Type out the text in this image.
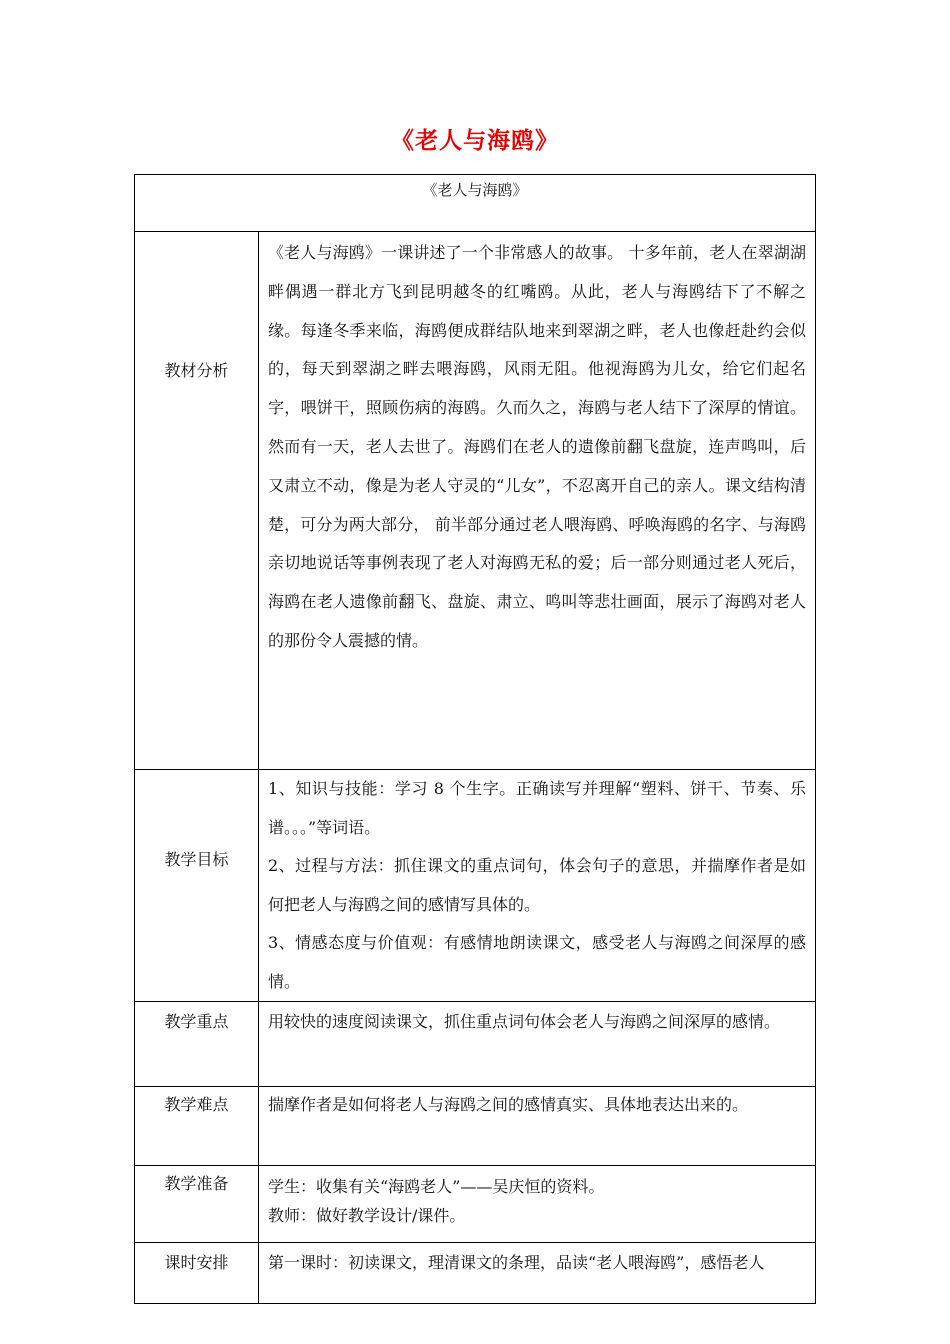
《老人与海鸥》
《老人与海鸥》	
教材分析	《老人与海鸥》一课讲述了一个非常感人的故事。 十多年前，老人在翠湖湖畔偶遇一群北方飞到昆明越冬的红嘴鸥。从此，老人与海鸥结下了不解之缘。每逢冬季来临，海鸥便成群结队地来到翠湖之畔，老人也像赶赴约会似的，每天到翠湖之畔去喂海鸥，风雨无阻。他视海鸥为儿女，给它们起名字，喂饼干，照顾伤病的海鸥。久而久之，海鸥与老人结下了深厚的情谊。然而有一天，老人去世了。海鸥们在老人的遗像前翻飞盘旋，连声鸣叫，后又肃立不动，像是为老人守灵的“儿女”，不忍离开自己的亲人。课文结构清楚，可分为两大部分， 前半部分通过老人喂海鸥、呼唤海鸥的名字、与海鸥亲切地说话等事例表现了老人对海鸥无私的爱；后一部分则通过老人死后，海鸥在老人遗像前翻飞、盘旋、肃立、鸣叫等悲壮画面，展示了海鸥对老人的那份令人震撼的情。
教学目标	1、知识与技能：学习 8 个生字。正确读写并理解“塑料、饼干、节奏、乐谱。。。”等词语。

2、过程与方法：抓住课文的重点词句，体会句子的意思，并揣摩作者是如何把老人与海鸥之间的感情写具体的。

3、情感态度与价值观：有感情地朗读课文，感受老人与海鸥之间深厚的感情。

教学重点	用较快的速度阅读课文，抓住重点词句体会老人与海鸥之间深厚的感情。
教学难点	揣摩作者是如何将老人与海鸥之间的感情真实、具体地表达出来的。
教学准备	学生：收集有关“海鸥老人”——吴庆恒的资料。
教师：做好教学设计/课件。

课时安排	第一课时：初读课文，理清课文的条理，品读“老人喂海鸥”，感悟老人
